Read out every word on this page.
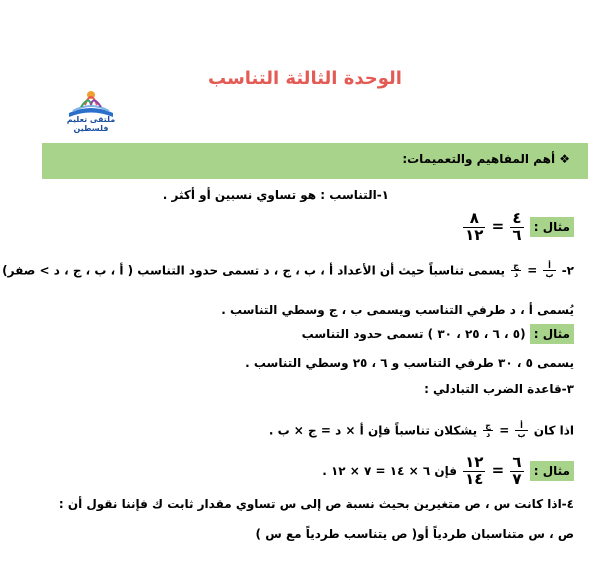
الوحدة الثالثة التناسب
ملتقى تعليم فلسطين
❖ أهم المفاهيم والتعميمات:
١-التناسب : هو تساوي نسبين أو أكثر .
مثال :
$\frac{٨}{١٢} = \frac{٤}{٦}$
٢-
$\frac{\text{ج}}{\text{د}} = \frac{\text{أ}}{\text{ب}}$
يسمى تناسباً حيث أن الأعداد أ ، ب ، ج ، د تسمى حدود التناسب ( أ ، ب ، ج ، د > صفر)
يُسمى أ ، د طرفي التناسب ويسمى ب ، ج وسطي التناسب .
مثال : (٥ ، ٦ ، ٢٥ ، ٣٠ ) تسمى حدود التناسب
يسمى ٥ ، ٣٠ طرفي التناسب و ٦ ، ٢٥ وسطي التناسب .
٣-قاعدة الضرب التبادلي :
اذا كان
$\frac{\text{ج}}{\text{د}} = \frac{\text{أ}}{\text{ب}}$
يشكلان تناسباً فإن أ × د = ج × ب .
مثال :
$\frac{١٢}{١٤} = \frac{٦}{٧}$
فإن ٦ × ١٤ = ٧ × ١٢ .
٤-اذا كانت س ، ص متغيرين بحيث نسبة ص إلى س تساوي مقدار ثابت ك فإننا نقول أن :
ص ، س متناسبان طردياً أو( ص يتناسب طردياً مع س )
